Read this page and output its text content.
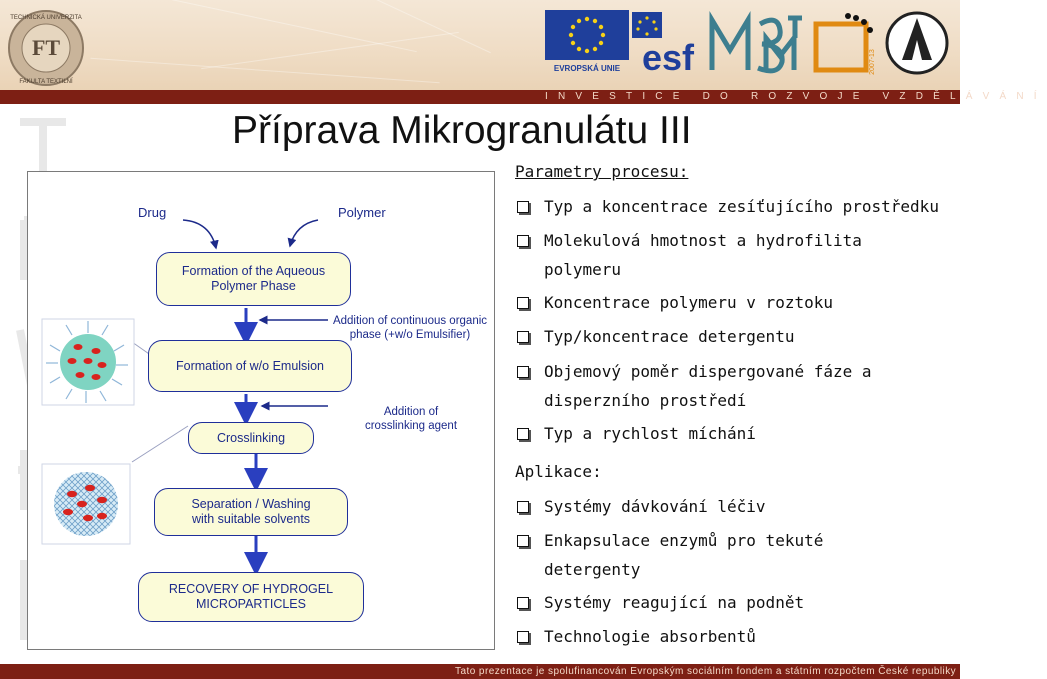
FT
TECHNICKÁ UNIVERZITA
FAKULTA TEXTILNÍ
EVROPSKÁ UNIE esf	2007-13
INVESTICE DO ROZVOJE VZDĚLÁVÁNÍ
Příprava Mikrogranulátu III
Drug	Polymer
Formation of the Aqueous
Polymer Phase
Addition of continuous organic
phase (+w/o Emulsifier)
Formation of w/o Emulsion
Addition of
crosslinking agent
Crosslinking
Separation / Washing
with suitable solvents
RECOVERY OF HYDROGEL
MICROPARTICLES
Parametry procesu:
Typ a koncentrace zesíťujícího prostředku
Molekulová hmotnost a hydrofilita
polymeru
Koncentrace polymeru v roztoku
Typ/koncentrace detergentu
Objemový poměr dispergované fáze a
disperzního prostředí
Typ a rychlost míchání
Aplikace:
Systémy dávkování léčiv
Enkapsulace enzymů pro tekuté
detergenty
Systémy reagující na podnět
Technologie absorbentů
Tato prezentace je spolufinancován Evropským sociálním fondem a státním rozpočtem České republiky
